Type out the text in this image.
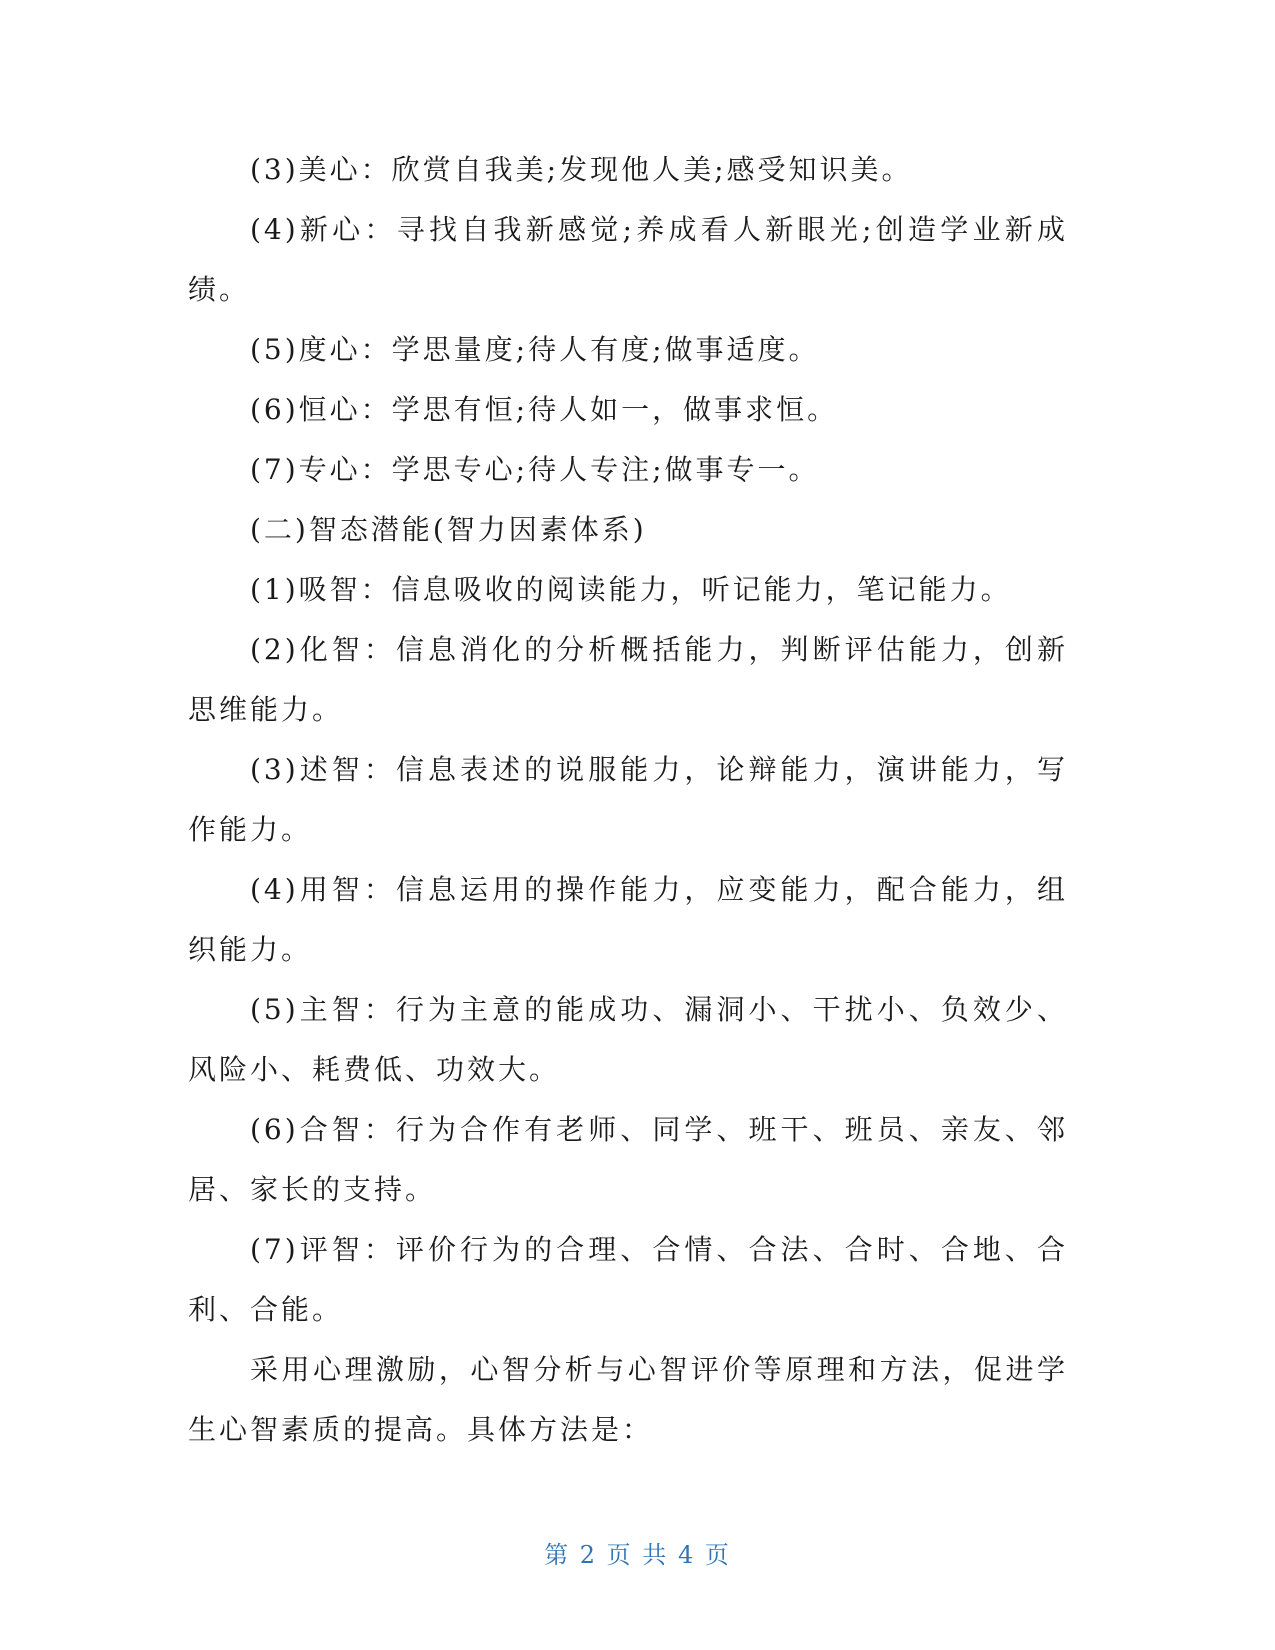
(3)美心：欣赏自我美;发现他人美;感受知识美。

(4)新心：寻找自我新感觉;养成看人新眼光;创造学业新成绩。

(5)度心：学思量度;待人有度;做事适度。

(6)恒心：学思有恒;待人如一，做事求恒。

(7)专心：学思专心;待人专注;做事专一。

(二)智态潜能(智力因素体系)

(1)吸智：信息吸收的阅读能力，听记能力，笔记能力。

(2)化智：信息消化的分析概括能力，判断评估能力，创新思维能力。

(3)述智：信息表述的说服能力，论辩能力，演讲能力，写作能力。

(4)用智：信息运用的操作能力，应变能力，配合能力，组织能力。

(5)主智：行为主意的能成功、漏洞小、干扰小、负效少、风险小、耗费低、功效大。

(6)合智：行为合作有老师、同学、班干、班员、亲友、邻居、家长的支持。

(7)评智：评价行为的合理、合情、合法、合时、合地、合利、合能。

采用心理激励，心智分析与心智评价等原理和方法，促进学生心智素质的提高。具体方法是：

第 2 页 共 4 页
